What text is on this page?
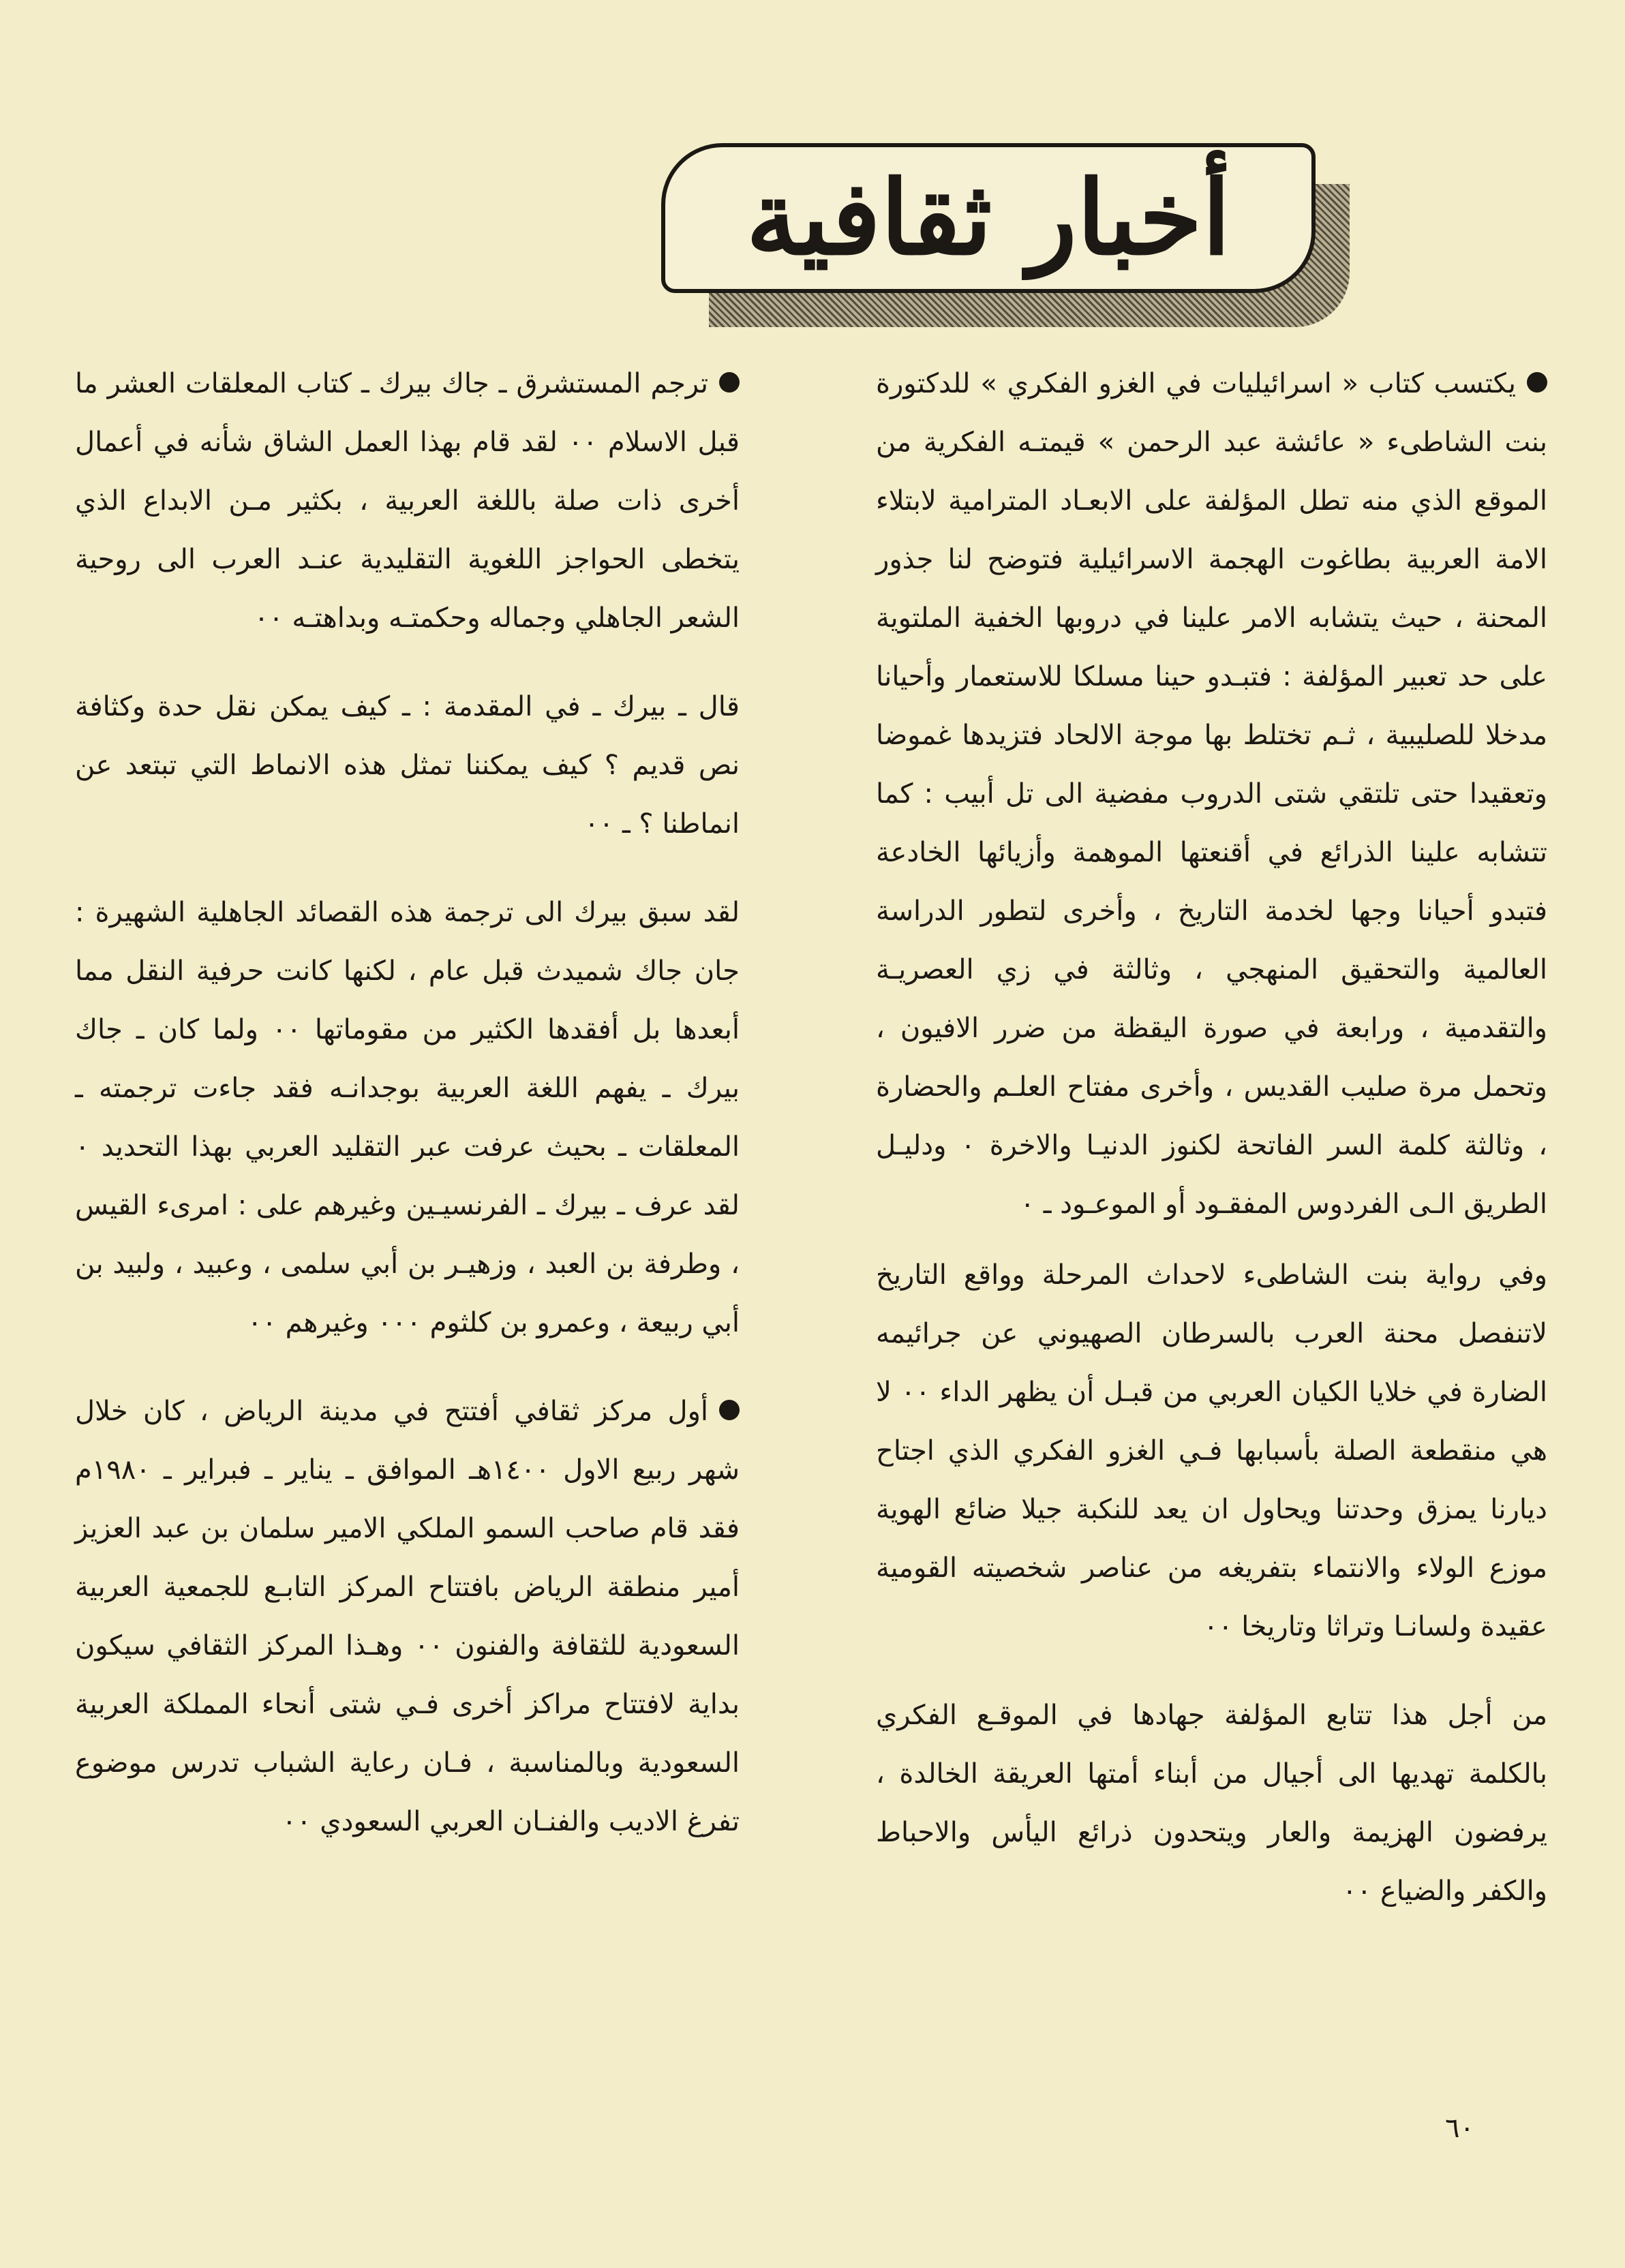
أخبار ثقافية

يكتسب كتاب « اسرائيليات في الغزو الفكري » للدكتورة بنت الشاطىء « عائشة عبد الرحمن » قيمتـه الفكرية من الموقع الذي منه تطل المؤلفة على الابعـاد المترامية لابتلاء الامة العربية بطاغوت الهجمة الاسرائيلية فتوضح لنا جذور المحنة ، حيث يتشابه الامر علينا في دروبها الخفية الملتوية على حد تعبير المؤلفة : فتبـدو حينا مسلكا للاستعمار وأحيانا مدخلا للصليبية ، ثـم تختلط بها موجة الالحاد فتزيدها غموضا وتعقيدا حتى تلتقي شتى الدروب مفضية الى تل أبيب : كما تتشابه علينا الذرائع في أقنعتها الموهمة وأزيائها الخادعة فتبدو أحيانا وجها لخدمة التاريخ ، وأخرى لتطور الدراسة العالمية والتحقيق المنهجي ، وثالثة في زي العصريـة والتقدمية ، ورابعة في صورة اليقظة من ضرر الافيون ، وتحمل مرة صليب القديس ، وأخرى مفتاح العلـم والحضارة ، وثالثة كلمة السر الفاتحة لكنوز الدنيـا والاخرة ٠ ودليـل الطريق الـى الفردوس المفقـود أو الموعـود ـ ٠

وفي رواية بنت الشاطىء لاحداث المرحلة وواقع التاريخ لاتنفصل محنة العرب بالسرطان الصهيوني عن جرائيمه الضارة في خلايا الكيان العربي من قبـل أن يظهر الداء ٠٠ لا هي منقطعة الصلة بأسبابها فـي الغزو الفكري الذي اجتاح ديارنا يمزق وحدتنا ويحاول ان يعد للنكبة جيلا ضائع الهوية موزع الولاء والانتماء بتفريغه من عناصر شخصيته القومية عقيدة ولسانـا وتراثا وتاريخا ٠٠

من أجل هذا تتابع المؤلفة جهادها في الموقـع الفكري بالكلمة تهديها الى أجيال من أبناء أمتها العريقة الخالدة ، يرفضون الهزيمة والعار ويتحدون ذرائع اليأس والاحباط والكفر والضياع ٠٠

ترجم المستشرق ـ جاك بيرك ـ كتاب المعلقات العشر ما قبل الاسلام ٠٠ لقد قام بهذا العمل الشاق شأنه في أعمال أخرى ذات صلة باللغة العربية ، بكثير مـن الابداع الذي يتخطى الحواجز اللغوية التقليدية عنـد العرب الى روحية الشعر الجاهلي وجماله وحكمتـه وبداهتـه ٠٠

قال ـ بيرك ـ في المقدمة : ـ كيف يمكن نقل حدة وكثافة نص قديم ؟ كيف يمكننا تمثل هذه الانماط التي تبتعد عن انماطنا ؟ ـ ٠٠

لقد سبق بيرك الى ترجمة هذه القصائد الجاهلية الشهيرة : جان جاك شميدث قبل عام ، لكنها كانت حرفية النقل مما أبعدها بل أفقدها الكثير من مقوماتها ٠٠ ولما كان ـ جاك بيرك ـ يفهم اللغة العربية بوجدانـه فقد جاءت ترجمته ـ المعلقات ـ بحيث عرفت عبر التقليد العربي بهذا التحديد ٠ لقد عرف ـ بيرك ـ الفرنسيـين وغيرهم على : امرىء القيس ، وطرفة بن العبد ، وزهيـر بن أبي سلمى ، وعبيد ، ولبيد بن أبي ربيعة ، وعمرو بن كلثوم ٠٠٠ وغيرهم ٠٠

أول مركز ثقافي أفتتح في مدينة الرياض ، كان خلال شهر ربيع الاول ١٤٠٠هـ الموافق ـ يناير ـ فبراير ـ ١٩٨٠م فقد قام صاحب السمو الملكي الامير سلمان بن عبد العزيز أمير منطقة الرياض بافتتاح المركز التابـع للجمعية العربية السعودية للثقافة والفنون ٠٠ وهـذا المركز الثقافي سيكون بداية لافتتاح مراكز أخرى فـي شتى أنحاء المملكة العربية السعودية وبالمناسبة ، فـان رعاية الشباب تدرس موضوع تفرغ الاديب والفنـان العربي السعودي ٠٠

٦٠
